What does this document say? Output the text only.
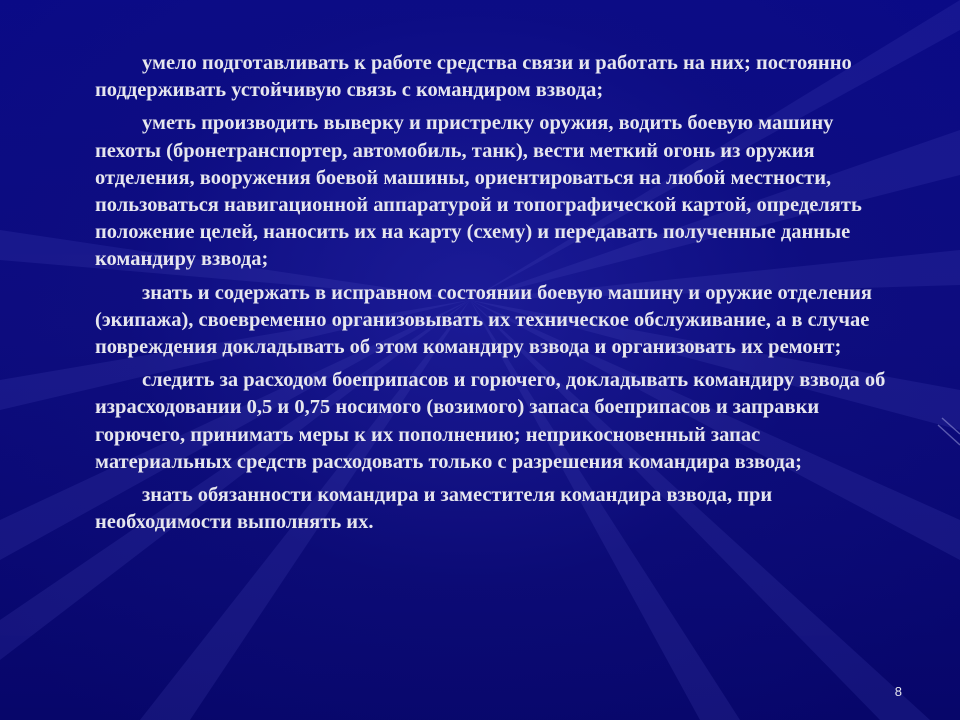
умело подготавливать к работе средства связи и работать на них; постоянно поддерживать устойчивую связь с командиром взвода;

уметь производить выверку и пристрелку оружия, водить боевую машину пехоты (бронетранспортер, автомобиль, танк), вести меткий огонь из оружия отделения, вооружения боевой машины, ориентироваться на любой местности, пользоваться навигационной аппаратурой и топографической картой, определять положение целей, наносить их на карту (схему) и передавать полученные данные командиру взвода;

знать и содержать в исправном состоянии боевую машину и оружие отделения (экипажа), своевременно организовывать их техническое обслуживание, а в случае повреждения докладывать об этом командиру взвода и организовать их ремонт;

следить за расходом боеприпасов и горючего, докладывать командиру взвода об израсходовании 0,5 и 0,75 носимого (возимого) запаса боеприпасов и заправки горючего, принимать меры к их пополнению; неприкосновенный запас материальных средств расходовать только с разрешения командира взвода;

знать обязанности командира и заместителя командира взвода, при необходимости выполнять их.

8
